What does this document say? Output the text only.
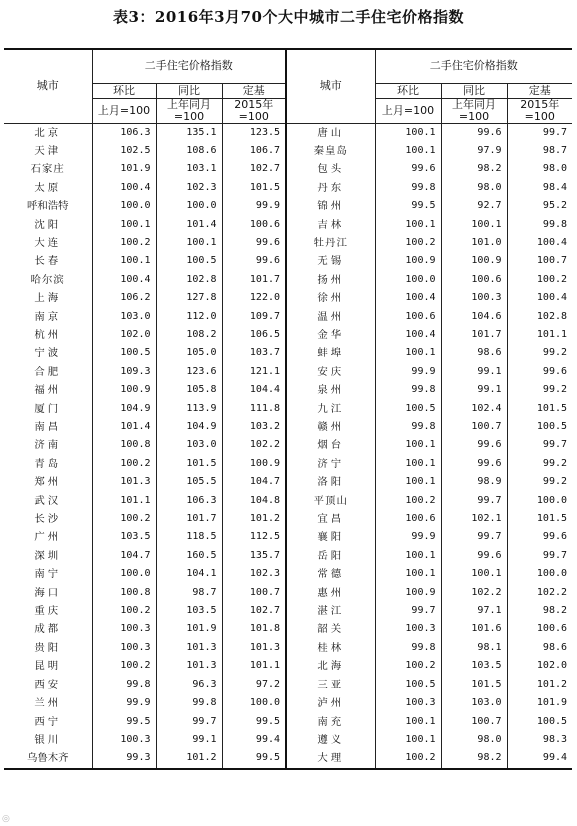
表3：2016年3月70个大中城市二手住宅价格指数
城市	二手住宅价格指数			城市	二手住宅价格指数		
	环比	同比	定基		环比	同比	定基
	上月=100	上年同月=100	2015年=100		上月=100	上年同月=100	2015年=100
北京	106.3	135.1	123.5	唐山	100.1	99.6	99.7
天津	102.5	108.6	106.7	秦皇岛	100.1	97.9	98.7
石家庄	101.9	103.1	102.7	包头	99.6	98.2	98.0
太原	100.4	102.3	101.5	丹东	99.8	98.0	98.4
呼和浩特	100.0	100.0	99.9	锦州	99.5	92.7	95.2
沈阳	100.1	101.4	100.6	吉林	100.1	100.1	99.8
大连	100.2	100.1	99.6	牡丹江	100.2	101.0	100.4
长春	100.1	100.5	99.6	无锡	100.9	100.9	100.7
哈尔滨	100.4	102.8	101.7	扬州	100.0	100.6	100.2
上海	106.2	127.8	122.0	徐州	100.4	100.3	100.4
南京	103.0	112.0	109.7	温州	100.6	104.6	102.8
杭州	102.0	108.2	106.5	金华	100.4	101.7	101.1
宁波	100.5	105.0	103.7	蚌埠	100.1	98.6	99.2
合肥	109.3	123.6	121.1	安庆	99.9	99.1	99.6
福州	100.9	105.8	104.4	泉州	99.8	99.1	99.2
厦门	104.9	113.9	111.8	九江	100.5	102.4	101.5
南昌	101.4	104.9	103.2	赣州	99.8	100.7	100.5
济南	100.8	103.0	102.2	烟台	100.1	99.6	99.7
青岛	100.2	101.5	100.9	济宁	100.1	99.6	99.2
郑州	101.3	105.5	104.7	洛阳	100.1	98.9	99.2
武汉	101.1	106.3	104.8	平顶山	100.2	99.7	100.0
长沙	100.2	101.7	101.2	宜昌	100.6	102.1	101.5
广州	103.5	118.5	112.5	襄阳	99.9	99.7	99.6
深圳	104.7	160.5	135.7	岳阳	100.1	99.6	99.7
南宁	100.0	104.1	102.3	常德	100.1	100.1	100.0
海口	100.8	98.7	100.7	惠州	100.9	102.2	102.2
重庆	100.2	103.5	102.7	湛江	99.7	97.1	98.2
成都	100.3	101.9	101.8	韶关	100.3	101.6	100.6
贵阳	100.3	101.3	101.3	桂林	99.8	98.1	98.6
昆明	100.2	101.3	101.1	北海	100.2	103.5	102.0
西安	99.8	96.3	97.2	三亚	100.5	101.5	101.2
兰州	99.9	99.8	100.0	泸州	100.3	103.0	101.9
西宁	99.5	99.7	99.5	南充	100.1	100.7	100.5
银川	100.3	99.1	99.4	遵义	100.1	98.0	98.3
乌鲁木齐	99.3	101.2	99.5	大理	100.2	98.2	99.4
◎
